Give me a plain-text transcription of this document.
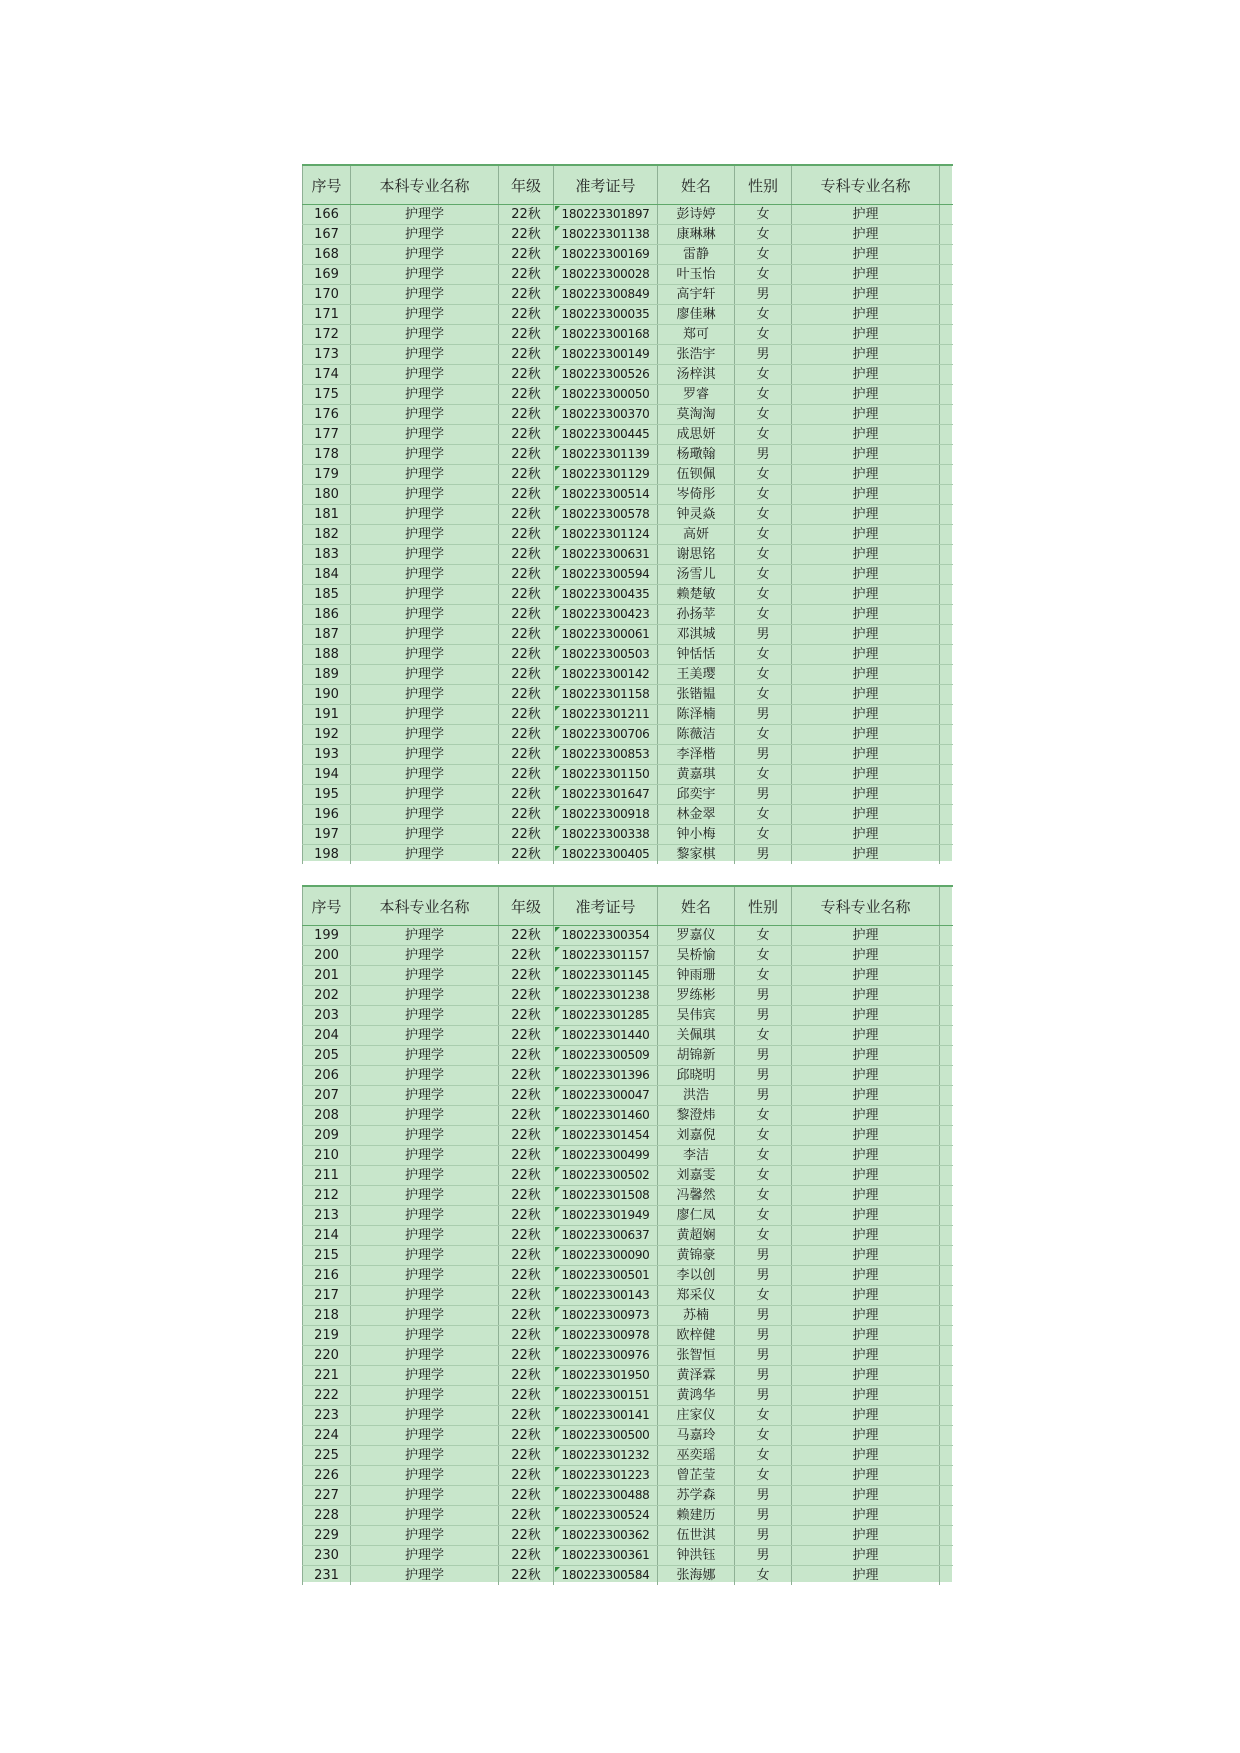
序号	本科专业名称	年级	准考证号	姓名	性别	专科专业名称	
166	护理学	22秋	180223301897	彭诗婷	女	护理	
167	护理学	22秋	180223301138	康琳琳	女	护理	
168	护理学	22秋	180223300169	雷静	女	护理	
169	护理学	22秋	180223300028	叶玉怡	女	护理	
170	护理学	22秋	180223300849	高宇轩	男	护理	
171	护理学	22秋	180223300035	廖佳琳	女	护理	
172	护理学	22秋	180223300168	郑可	女	护理	
173	护理学	22秋	180223300149	张浩宇	男	护理	
174	护理学	22秋	180223300526	汤梓淇	女	护理	
175	护理学	22秋	180223300050	罗睿	女	护理	
176	护理学	22秋	180223300370	莫淘淘	女	护理	
177	护理学	22秋	180223300445	成思妍	女	护理	
178	护理学	22秋	180223301139	杨璥翰	男	护理	
179	护理学	22秋	180223301129	伍钡佩	女	护理	
180	护理学	22秋	180223300514	岑倚彤	女	护理	
181	护理学	22秋	180223300578	钟灵焱	女	护理	
182	护理学	22秋	180223301124	高妍	女	护理	
183	护理学	22秋	180223300631	谢思铭	女	护理	
184	护理学	22秋	180223300594	汤雪儿	女	护理	
185	护理学	22秋	180223300435	赖楚敏	女	护理	
186	护理学	22秋	180223300423	孙扬苹	女	护理	
187	护理学	22秋	180223300061	邓淇城	男	护理	
188	护理学	22秋	180223300503	钟恬恬	女	护理	
189	护理学	22秋	180223300142	王美璎	女	护理	
190	护理学	22秋	180223301158	张锴韫	女	护理	
191	护理学	22秋	180223301211	陈泽楠	男	护理	
192	护理学	22秋	180223300706	陈薇洁	女	护理	
193	护理学	22秋	180223300853	李泽楷	男	护理	
194	护理学	22秋	180223301150	黄嘉琪	女	护理	
195	护理学	22秋	180223301647	邱奕宇	男	护理	
196	护理学	22秋	180223300918	林金翠	女	护理	
197	护理学	22秋	180223300338	钟小梅	女	护理	
198	护理学	22秋	180223300405	黎家棋	男	护理	
序号	本科专业名称	年级	准考证号	姓名	性别	专科专业名称	
199	护理学	22秋	180223300354	罗嘉仪	女	护理	
200	护理学	22秋	180223301157	吴桥愉	女	护理	
201	护理学	22秋	180223301145	钟雨珊	女	护理	
202	护理学	22秋	180223301238	罗练彬	男	护理	
203	护理学	22秋	180223301285	吴伟宾	男	护理	
204	护理学	22秋	180223301440	关佩琪	女	护理	
205	护理学	22秋	180223300509	胡锦新	男	护理	
206	护理学	22秋	180223301396	邱晓明	男	护理	
207	护理学	22秋	180223300047	洪浩	男	护理	
208	护理学	22秋	180223301460	黎澄炜	女	护理	
209	护理学	22秋	180223301454	刘嘉倪	女	护理	
210	护理学	22秋	180223300499	李洁	女	护理	
211	护理学	22秋	180223300502	刘嘉雯	女	护理	
212	护理学	22秋	180223301508	冯馨然	女	护理	
213	护理学	22秋	180223301949	廖仁凤	女	护理	
214	护理学	22秋	180223300637	黄超娴	女	护理	
215	护理学	22秋	180223300090	黄锦豪	男	护理	
216	护理学	22秋	180223300501	李以创	男	护理	
217	护理学	22秋	180223300143	郑采仪	女	护理	
218	护理学	22秋	180223300973	苏楠	男	护理	
219	护理学	22秋	180223300978	欧梓健	男	护理	
220	护理学	22秋	180223300976	张智恒	男	护理	
221	护理学	22秋	180223301950	黄泽霖	男	护理	
222	护理学	22秋	180223300151	黄鸿华	男	护理	
223	护理学	22秋	180223300141	庄家仪	女	护理	
224	护理学	22秋	180223300500	马嘉玲	女	护理	
225	护理学	22秋	180223301232	巫奕瑶	女	护理	
226	护理学	22秋	180223301223	曾芷莹	女	护理	
227	护理学	22秋	180223300488	苏学森	男	护理	
228	护理学	22秋	180223300524	赖建历	男	护理	
229	护理学	22秋	180223300362	伍世淇	男	护理	
230	护理学	22秋	180223300361	钟洪钰	男	护理	
231	护理学	22秋	180223300584	张海娜	女	护理	
